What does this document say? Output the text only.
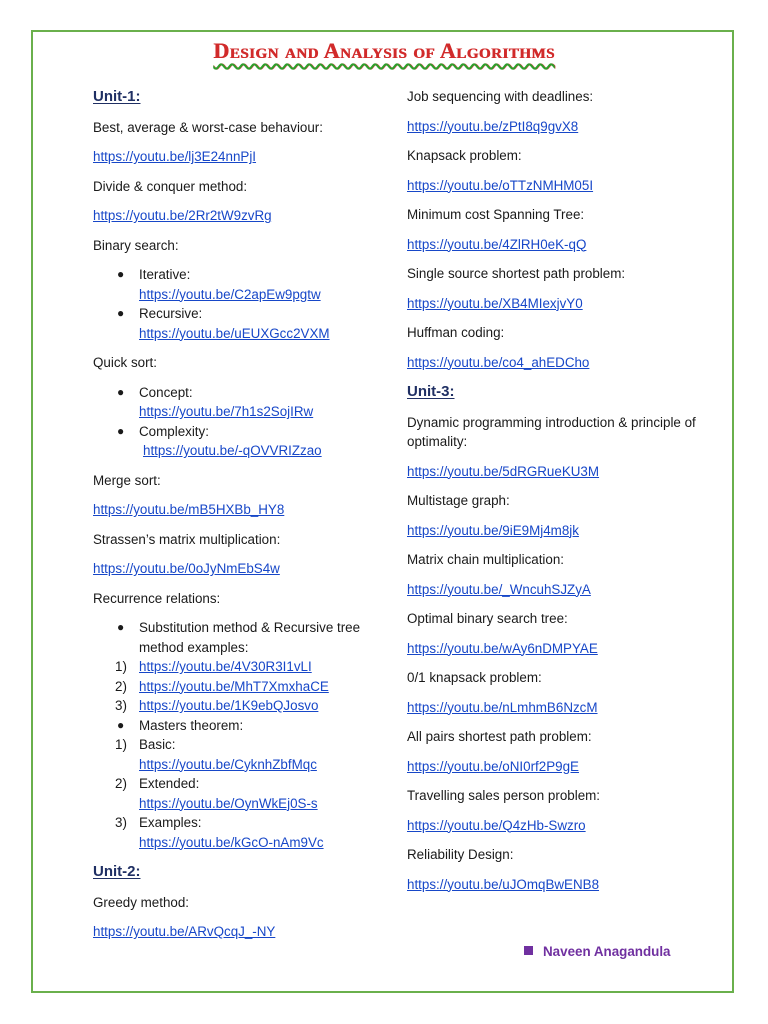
Design and Analysis of Algorithms
Unit-1:
Best, average & worst-case behaviour:
https://youtu.be/lj3E24nnPjI
Divide & conquer method:
https://youtu.be/2Rr2tW9zvRg
Binary search:
● Iterative:
https://youtu.be/C2apEw9pgtw
● Recursive:
https://youtu.be/uEUXGcc2VXM
Quick sort:
● Concept:
https://youtu.be/7h1s2SojIRw
● Complexity:
https://youtu.be/-qOVVRIZzao
Merge sort:
https://youtu.be/mB5HXBb_HY8
Strassen’s matrix multiplication:
https://youtu.be/0oJyNmEbS4w
Recurrence relations:
● Substitution method & Recursive tree method examples:
1) https://youtu.be/4V30R3I1vLI
2) https://youtu.be/MhT7XmxhaCE
3) https://youtu.be/1K9ebQJosvo
● Masters theorem:
1) Basic:
https://youtu.be/CyknhZbfMqc
2) Extended:
https://youtu.be/OynWkEj0S-s
3) Examples:
https://youtu.be/kGcO-nAm9Vc
Unit-2:
Greedy method:
https://youtu.be/ARvQcqJ_-NY
Job sequencing with deadlines:
https://youtu.be/zPtI8q9gvX8
Knapsack problem:
https://youtu.be/oTTzNMHM05I
Minimum cost Spanning Tree:
https://youtu.be/4ZlRH0eK-qQ
Single source shortest path problem:
https://youtu.be/XB4MIexjvY0
Huffman coding:
https://youtu.be/co4_ahEDCho
Unit-3:
Dynamic programming introduction & principle of optimality:
https://youtu.be/5dRGRueKU3M
Multistage graph:
https://youtu.be/9iE9Mj4m8jk
Matrix chain multiplication:
https://youtu.be/_WncuhSJZyA
Optimal binary search tree:
https://youtu.be/wAy6nDMPYAE
0/1 knapsack problem:
https://youtu.be/nLmhmB6NzcM
All pairs shortest path problem:
https://youtu.be/oNI0rf2P9gE
Travelling sales person problem:
https://youtu.be/Q4zHb-Swzro
Reliability Design:
https://youtu.be/uJOmqBwENB8
Naveen Anagandula
